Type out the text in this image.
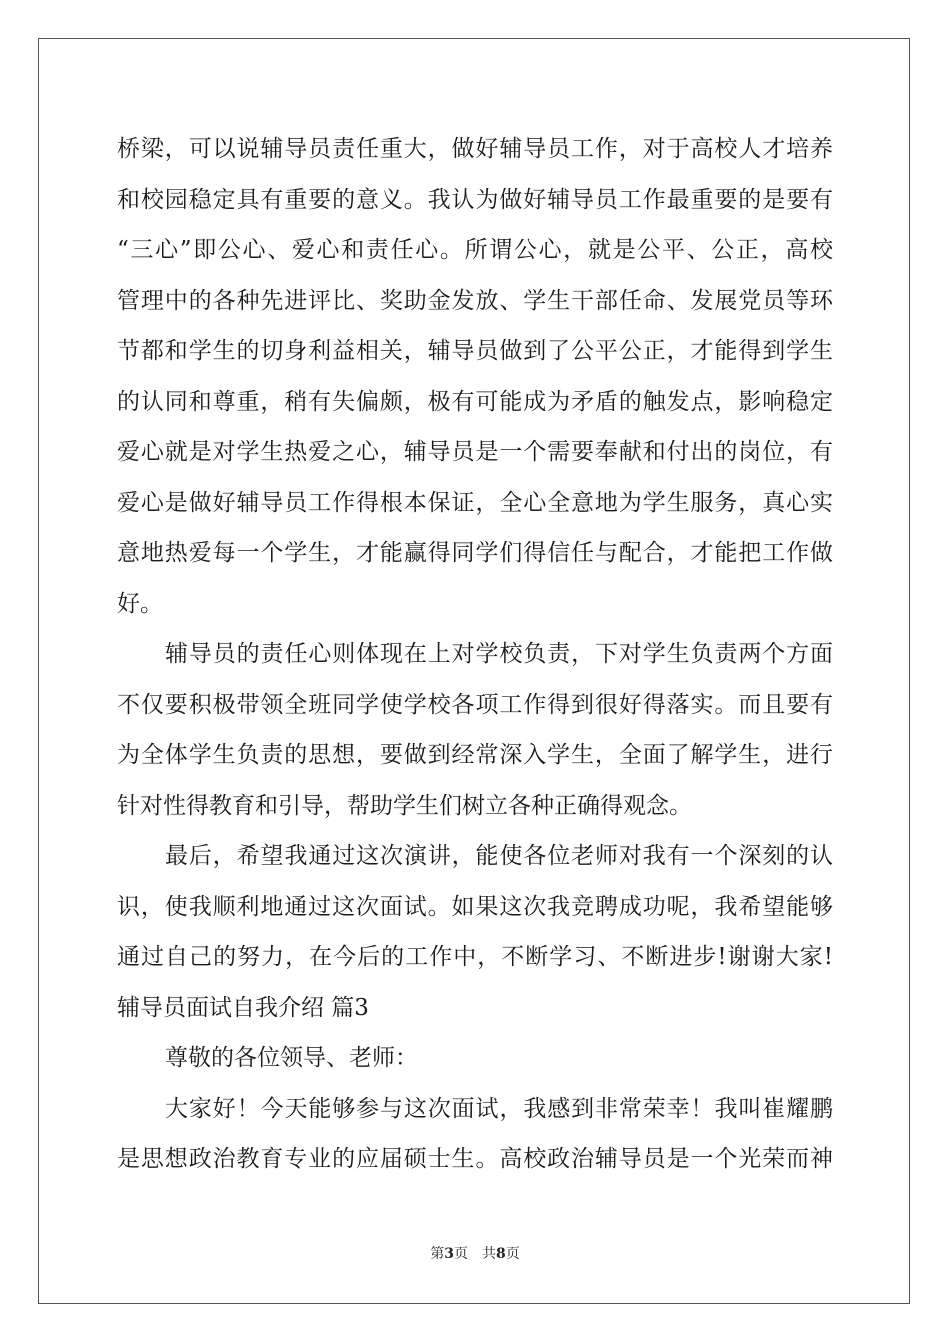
桥梁，可以说辅导员责任重大，做好辅导员工作，对于高校人才培养
和校园稳定具有重要的意义。我认为做好辅导员工作最重要的是要有
“三心”即公心、爱心和责任心。所谓公心，就是公平、公正，高校
管理中的各种先进评比、奖助金发放、学生干部任命、发展党员等环
节都和学生的切身利益相关，辅导员做到了公平公正，才能得到学生
的认同和尊重，稍有失偏颇，极有可能成为矛盾的触发点，影响稳定
爱心就是对学生热爱之心，辅导员是一个需要奉献和付出的岗位，有
爱心是做好辅导员工作得根本保证，全心全意地为学生服务，真心实
意地热爱每一个学生，才能赢得同学们得信任与配合，才能把工作做
好。
辅导员的责任心则体现在上对学校负责，下对学生负责两个方面
不仅要积极带领全班同学使学校各项工作得到很好得落实。而且要有
为全体学生负责的思想，要做到经常深入学生，全面了解学生，进行
针对性得教育和引导，帮助学生们树立各种正确得观念。
最后，希望我通过这次演讲，能使各位老师对我有一个深刻的认
识，使我顺利地通过这次面试。如果这次我竞聘成功呢，我希望能够
通过自己的努力，在今后的工作中，不断学习、不断进步!谢谢大家!
辅导员面试自我介绍 篇3
尊敬的各位领导、老师：
大家好！今天能够参与这次面试，我感到非常荣幸！我叫崔耀鹏
是思想政治教育专业的应届硕士生。高校政治辅导员是一个光荣而神
第3页 共8页
